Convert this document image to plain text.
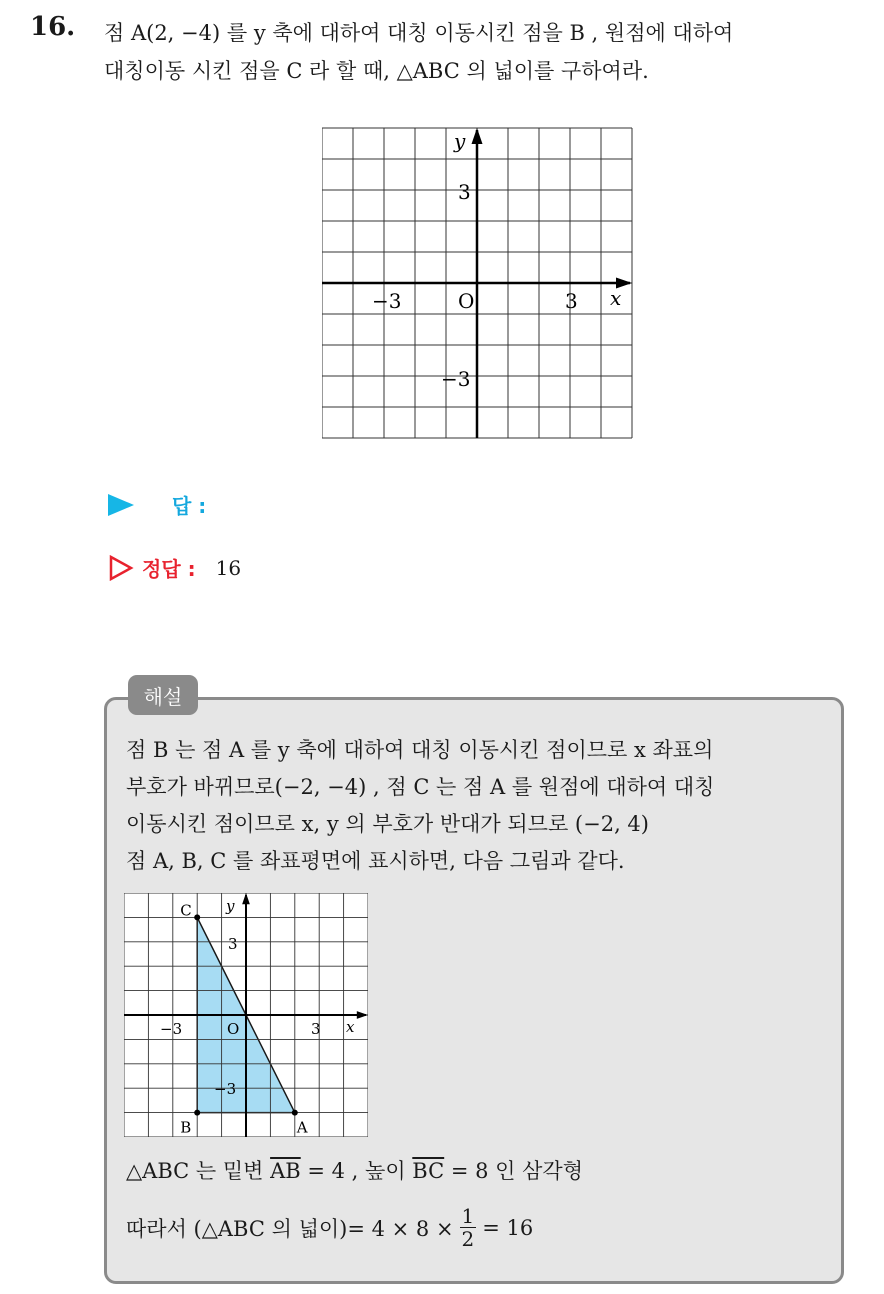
16. 점 A(2, −4) 를 y 축에 대하여 대칭 이동시킨 점을 B , 원점에 대하여
대칭이동 시킨 점을 C 라 할 때, △ABC 의 넓이를 구하여라.
y
x
O
−3	3
3
−3
답 :
정답 : 16
해설
점 B 는 점 A 를 y 축에 대하여 대칭 이동시킨 점이므로 x 좌표의
부호가 바뀌므로(−2, −4) , 점 C 는 점 A 를 원점에 대하여 대칭
이동시킨 점이므로 x, y 의 부호가 반대가 되므로 (−2, 4)
점 A, B, C 를 좌표평면에 표시하면, 다음 그림과 같다.
A
B
C y
x
O
−3	3
3
−3
△ABC 는 밑변 $\overline{AB} = 4$ , 높이 $\overline{BC} = 8$ 인 삼각형
따라서 (△ABC 의 넓이)= $4 \times 8 \times \frac{1}{2} = 16$
